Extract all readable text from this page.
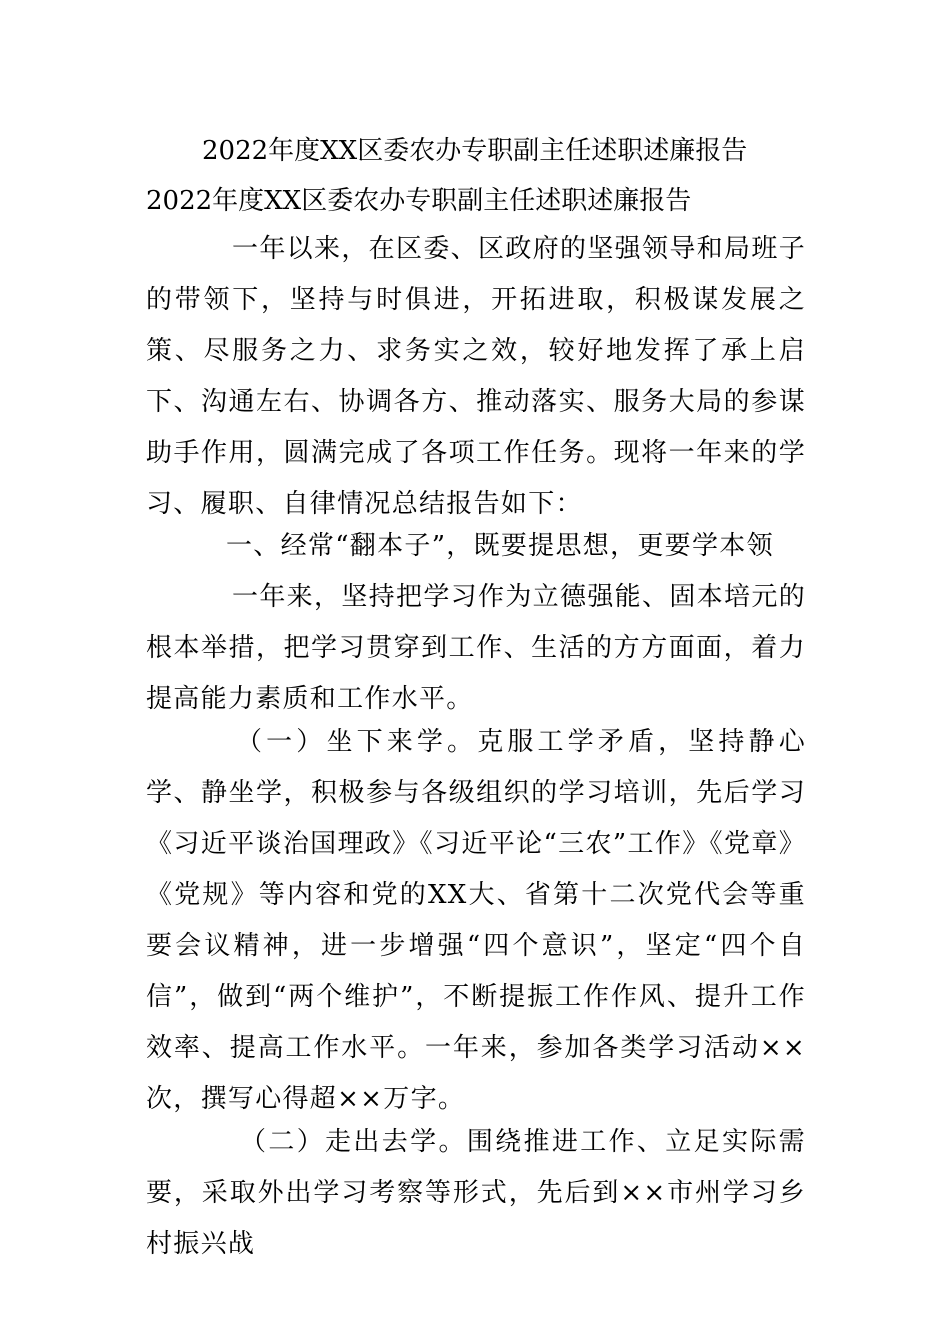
2022年度XX区委农办专职副主任述职述廉报告
2022年度XX区委农办专职副主任述职述廉报告

一年以来，在区委、区政府的坚强领导和局班子的带领下，坚持与时俱进，开拓进取，积极谋发展之策、尽服务之力、求务实之效，较好地发挥了承上启下、沟通左右、协调各方、推动落实、服务大局的参谋助手作用，圆满完成了各项工作任务。现将一年来的学习、履职、自律情况总结报告如下：

一、经常“翻本子”，既要提思想，更要学本领

一年来，坚持把学习作为立德强能、固本培元的根本举措，把学习贯穿到工作、生活的方方面面，着力提高能力素质和工作水平。

（一）坐下来学。克服工学矛盾，坚持静心学、静坐学，积极参与各级组织的学习培训，先后学习《习近平谈治国理政》《习近平论“三农”工作》《党章》《党规》等内容和党的XX大、省第十二次党代会等重要会议精神，进一步增强“四个意识”，坚定“四个自信”，做到“两个维护”，不断提振工作作风、提升工作效率、提高工作水平。一年来，参加各类学习活动××次，撰写心得超××万字。

（二）走出去学。围绕推进工作、立足实际需要，采取外出学习考察等形式，先后到××市州学习乡村振兴战
